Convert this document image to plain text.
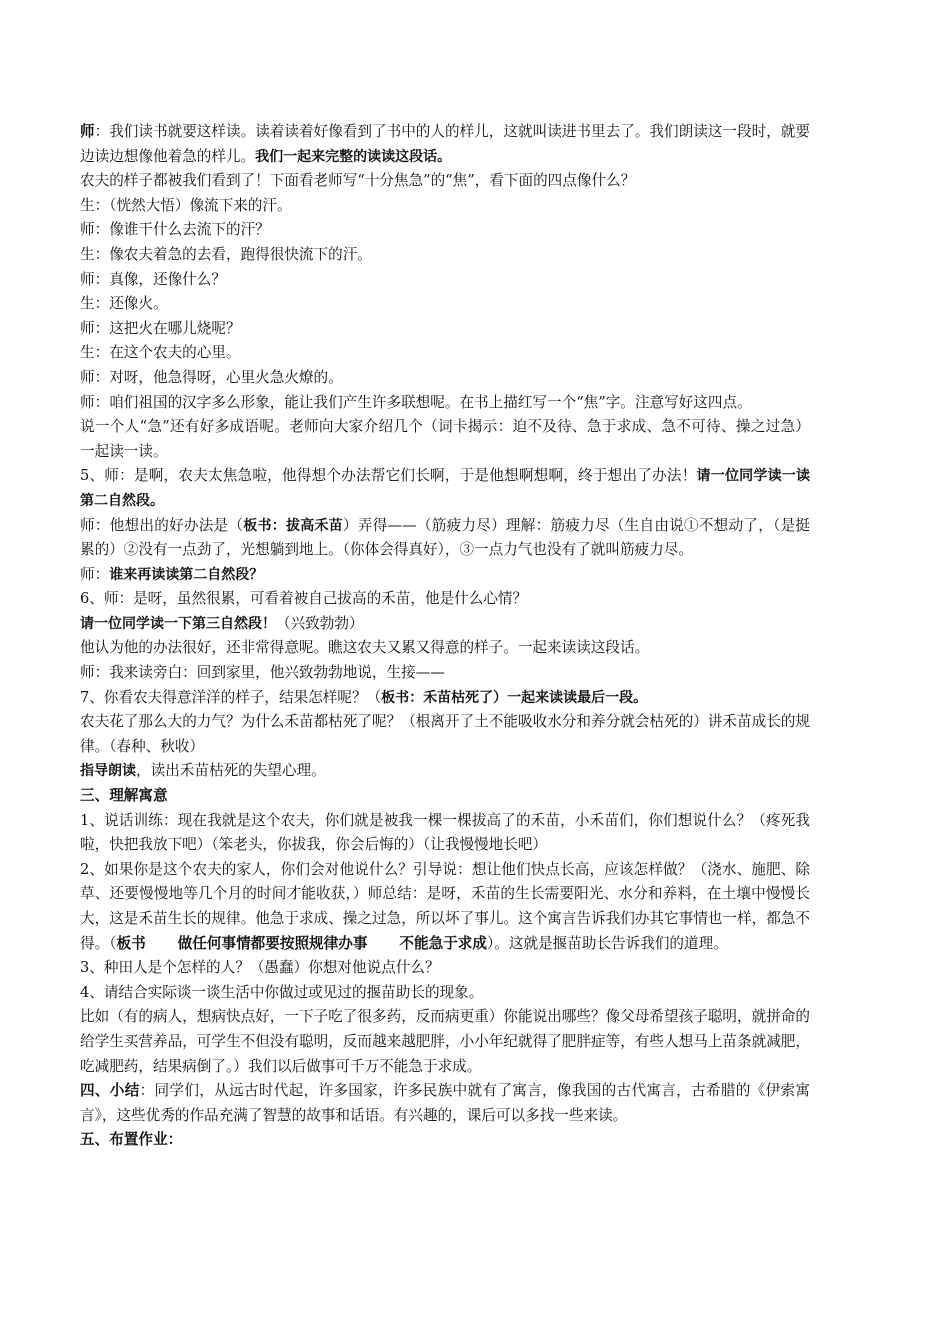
师：我们读书就要这样读。读着读着好像看到了书中的人的样儿，这就叫读进书里去了。我们朗读这一段时，就要边读边想像他着急的样儿。我们一起来完整的读读这段话。

农夫的样子都被我们看到了！下面看老师写“十分焦急”的“焦”，看下面的四点像什么？

生：（恍然大悟）像流下来的汗。

师：像谁干什么去流下的汗？

生：像农夫着急的去看，跑得很快流下的汗。

师：真像，还像什么？

生：还像火。

师：这把火在哪儿烧呢？

生：在这个农夫的心里。

师：对呀，他急得呀，心里火急火燎的。

师：咱们祖国的汉字多么形象，能让我们产生许多联想呢。在书上描红写一个“焦”字。注意写好这四点。

说一个人“急”还有好多成语呢。老师向大家介绍几个（词卡揭示：迫不及待、急于求成、急不可待、操之过急）一起读一读。

5、师：是啊，农夫太焦急啦，他得想个办法帮它们长啊，于是他想啊想啊，终于想出了办法！请一位同学读一读第二自然段。

师：他想出的好办法是（板书：拔高禾苗）弄得——（筋疲力尽）理解：筋疲力尽（生自由说①不想动了，（是挺累的）②没有一点劲了，光想躺到地上。（你体会得真好），③一点力气也没有了就叫筋疲力尽。

师：谁来再读读第二自然段？

6、师：是呀，虽然很累，可看着被自己拔高的禾苗，他是什么心情？

请一位同学读一下第三自然段！（兴致勃勃）

他认为他的办法很好，还非常得意呢。瞧这农夫又累又得意的样子。一起来读读这段话。

师：我来读旁白：回到家里，他兴致勃勃地说，生接——

7、你看农夫得意洋洋的样子，结果怎样呢？（板书：禾苗枯死了）一起来读读最后一段。

农夫花了那么大的力气？为什么禾苗都枯死了呢？（根离开了土不能吸收水分和养分就会枯死的）讲禾苗成长的规律。（春种、秋收）

指导朗读，读出禾苗枯死的失望心理。

三、理解寓意

1、说话训练：现在我就是这个农夫，你们就是被我一棵一棵拔高了的禾苗，小禾苗们，你们想说什么？（疼死我啦，快把我放下吧）（笨老头，你拔我，你会后悔的）（让我慢慢地长吧）

2、如果你是这个农夫的家人，你们会对他说什么？引导说：想让他们快点长高，应该怎样做？（浇水、施肥、除草、还要慢慢地等几个月的时间才能收获，）师总结：是呀，禾苗的生长需要阳光、水分和养料，在土壤中慢慢长大，这是禾苗生长的规律。他急于求成、操之过急，所以坏了事儿。这个寓言告诉我们办其它事情也一样，都急不得。（板书 做任何事情都要按照规律办事 不能急于求成）。这就是揠苗助长告诉我们的道理。

3、种田人是个怎样的人？（愚蠢）你想对他说点什么？

4、请结合实际谈一谈生活中你做过或见过的揠苗助长的现象。

比如（有的病人，想病快点好，一下子吃了很多药，反而病更重）你能说出哪些？像父母希望孩子聪明，就拼命的给学生买营养品，可学生不但没有聪明，反而越来越肥胖，小小年纪就得了肥胖症等，有些人想马上苗条就减肥，吃减肥药，结果病倒了。）我们以后做事可千万不能急于求成。

四、小结：同学们，从远古时代起，许多国家，许多民族中就有了寓言，像我国的古代寓言，古希腊的《伊索寓言》，这些优秀的作品充满了智慧的故事和话语。有兴趣的，课后可以多找一些来读。

五、布置作业：
